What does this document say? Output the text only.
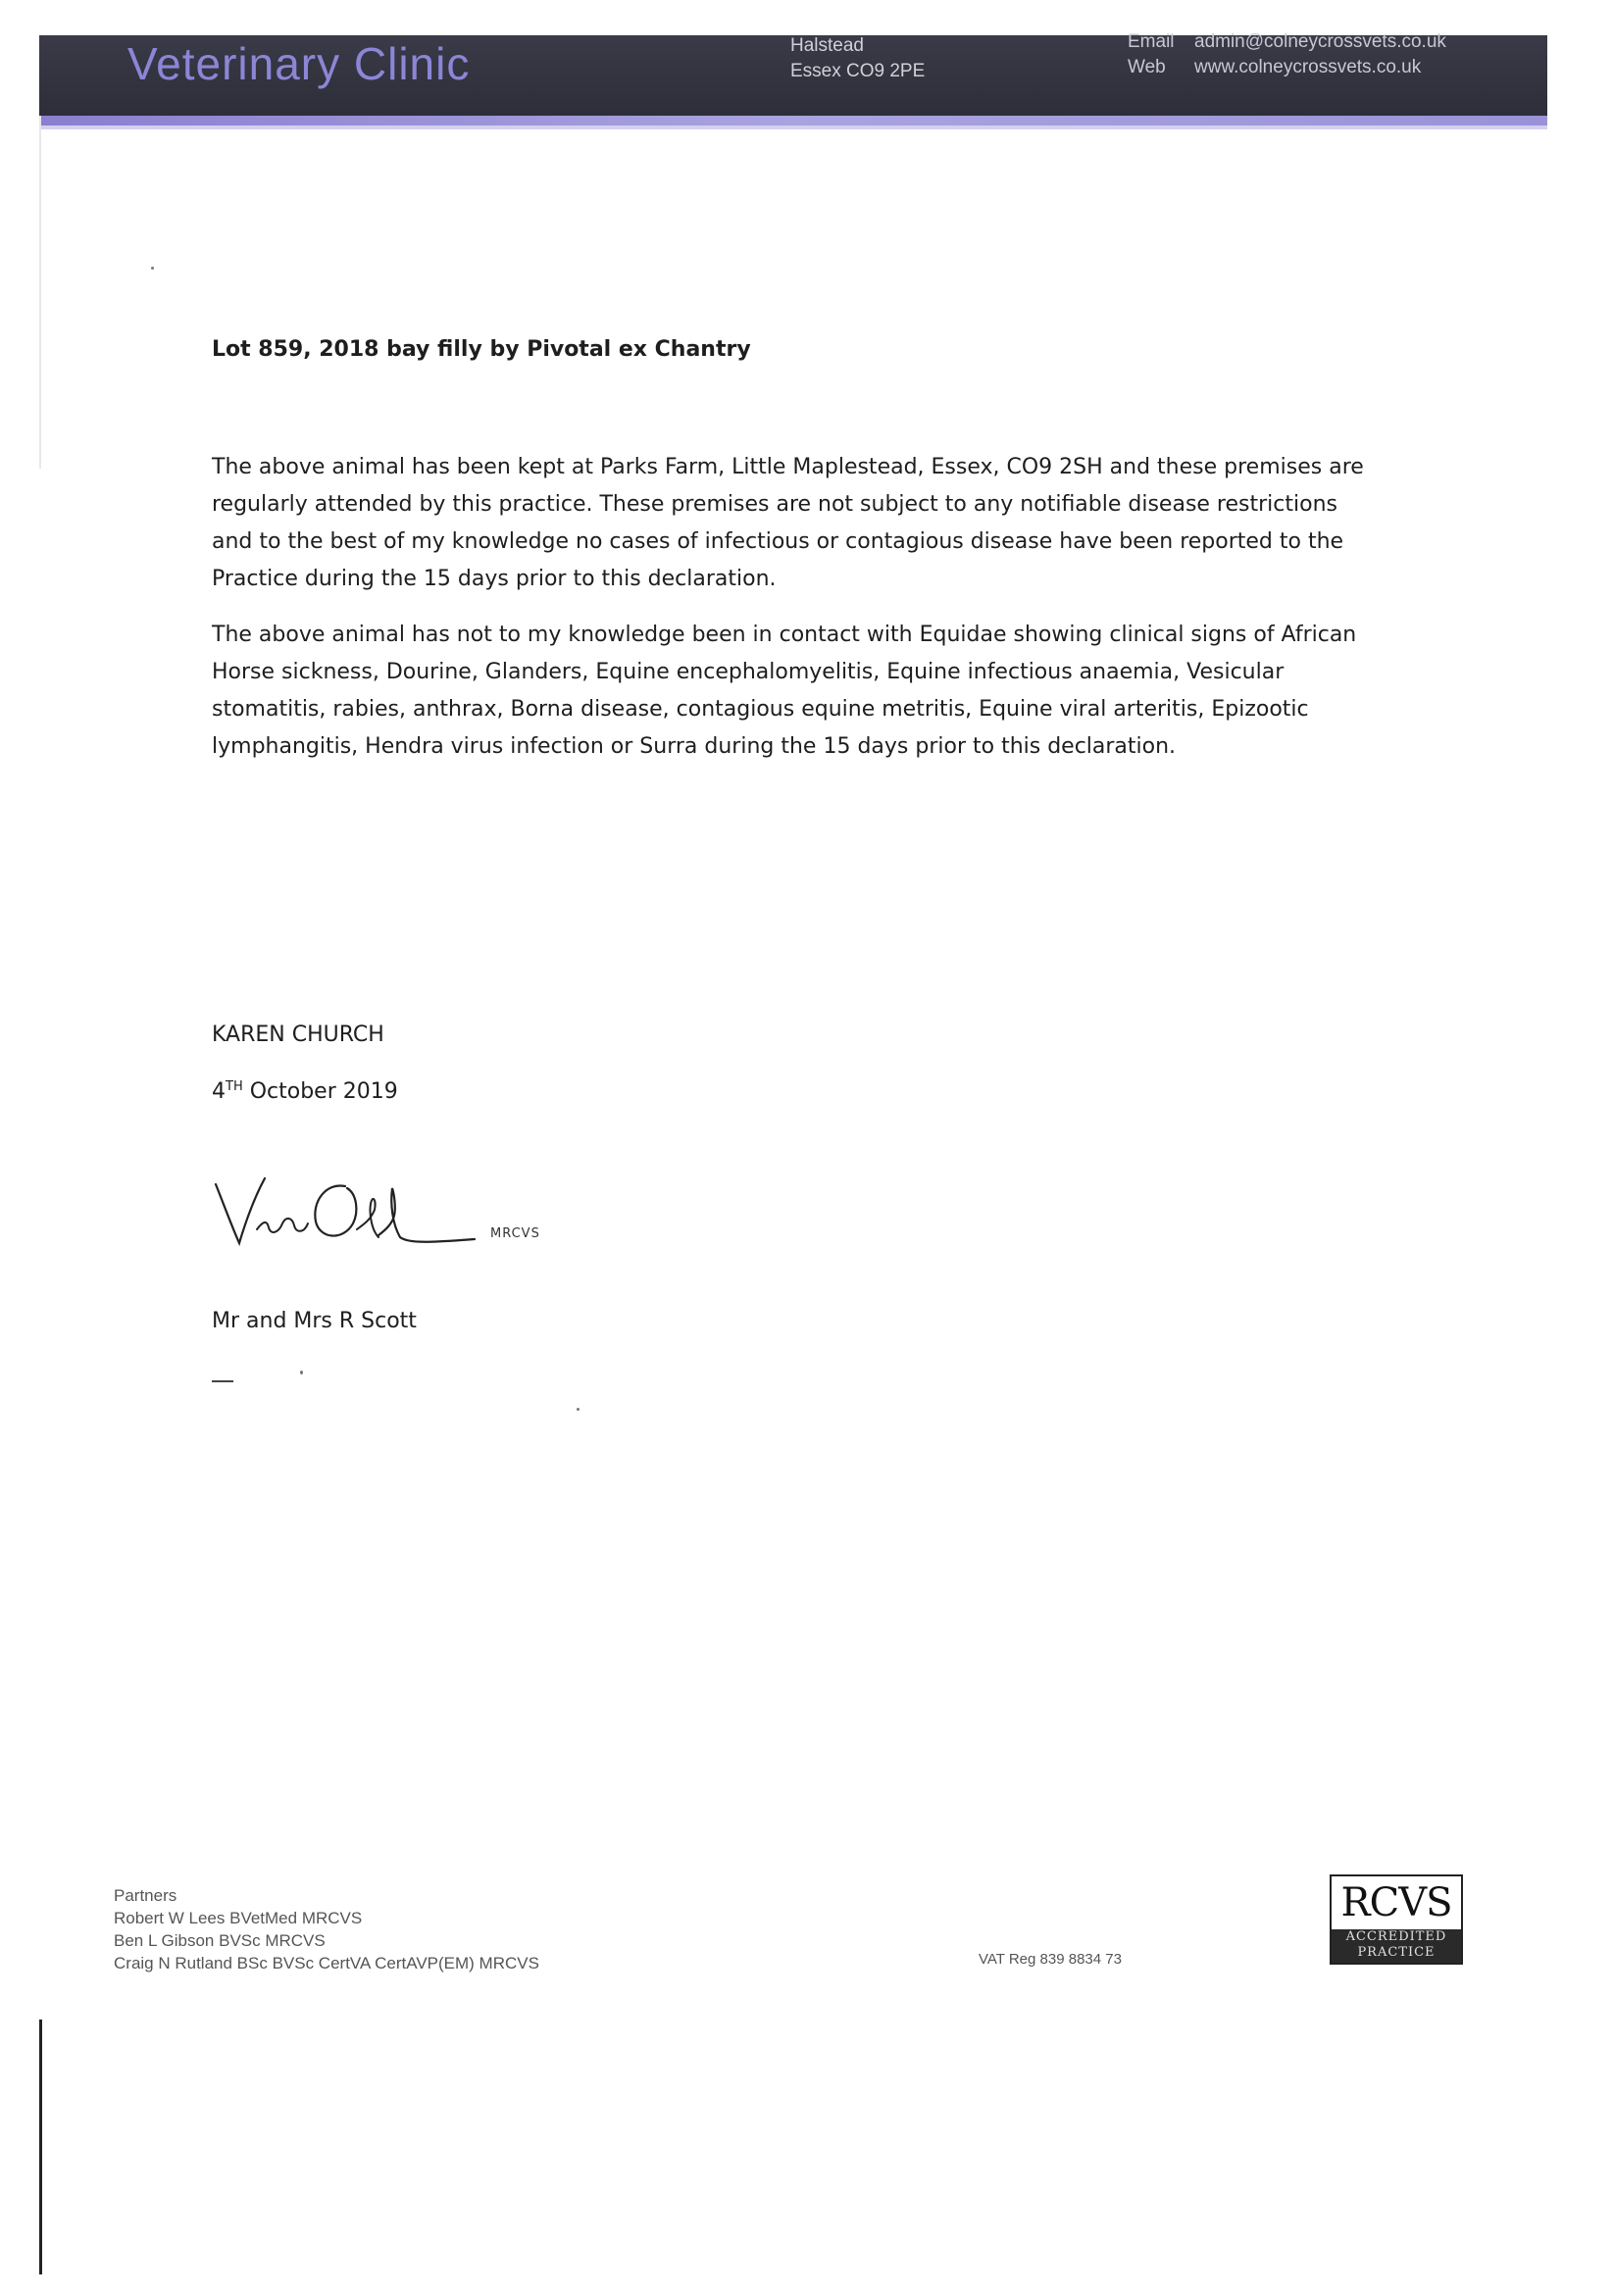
Veterinary Clinic	Halstead
Essex CO9 2PE
Email admin@colneycrossvets.co.uk
Web www.colneycrossvets.co.uk
Lot 859, 2018 bay filly by Pivotal ex Chantry
The above animal has been kept at Parks Farm, Little Maplestead, Essex, CO9 2SH and these premises are regularly attended by this practice. These premises are not subject to any notifiable disease restrictions and to the best of my knowledge no cases of infectious or contagious disease have been reported to the Practice during the 15 days prior to this declaration.
The above animal has not to my knowledge been in contact with Equidae showing clinical signs of African Horse sickness, Dourine, Glanders, Equine encephalomyelitis, Equine infectious anaemia, Vesicular stomatitis, rabies, anthrax, Borna disease, contagious equine metritis, Equine viral arteritis, Epizootic lymphangitis, Hendra virus infection or Surra during the 15 days prior to this declaration.
KAREN CHURCH
4TH October 2019
MRCVS
Mr and Mrs R Scott
Partners
Robert W Lees BVetMed MRCVS
Ben L Gibson BVSc MRCVS
Craig N Rutland BSc BVSc CertVA CertAVP(EM) MRCVS	VAT Reg 839 8834 73
RCVS
ACCREDITED PRACTICE
